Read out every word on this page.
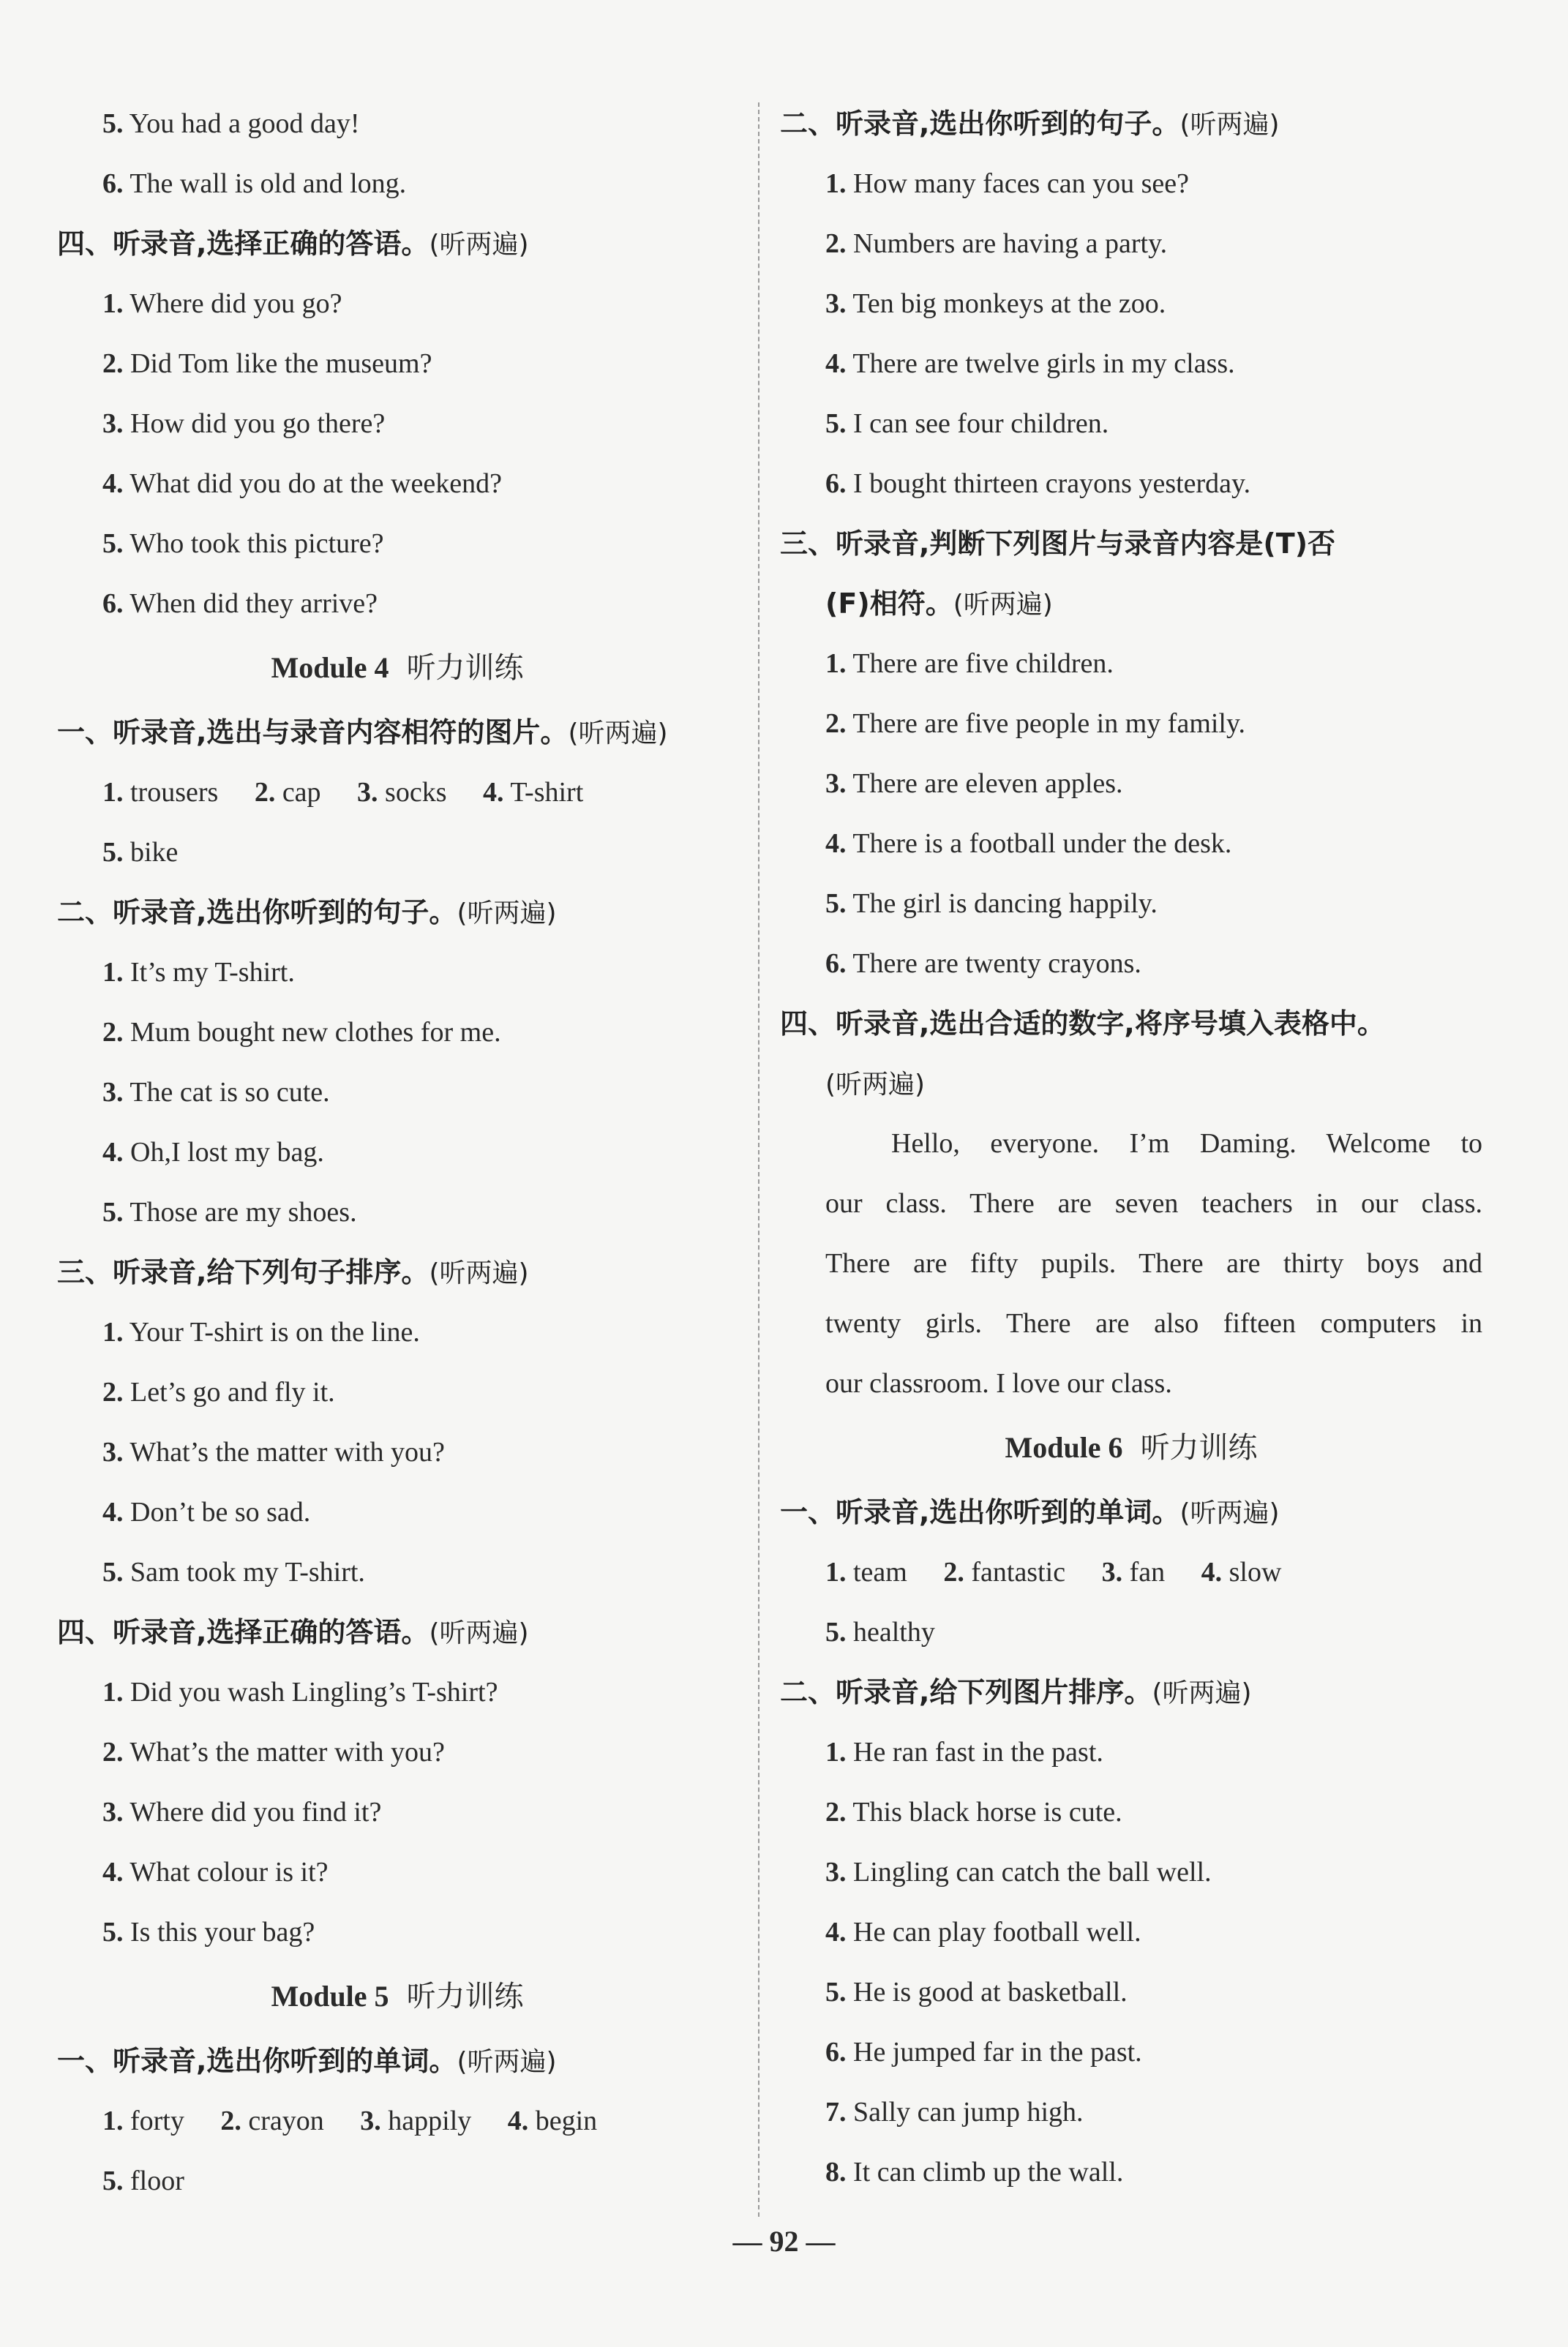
5. You had a good day!
6. The wall is old and long.
四、听录音,选择正确的答语。(听两遍)
1. Where did you go?
2. Did Tom like the museum?
3. How did you go there?
4. What did you do at the weekend?
5. Who took this picture?
6. When did they arrive?
Module 4 听力训练
一、听录音,选出与录音内容相符的图片。(听两遍)
1. trousers 2. cap 3. socks 4. T-shirt
5. bike
二、听录音,选出你听到的句子。(听两遍)
1. It’s my T-shirt.
2. Mum bought new clothes for me.
3. The cat is so cute.
4. Oh,I lost my bag.
5. Those are my shoes.
三、听录音,给下列句子排序。(听两遍)
1. Your T-shirt is on the line.
2. Let’s go and fly it.
3. What’s the matter with you?
4. Don’t be so sad.
5. Sam took my T-shirt.
四、听录音,选择正确的答语。(听两遍)
1. Did you wash Lingling’s T-shirt?
2. What’s the matter with you?
3. Where did you find it?
4. What colour is it?
5. Is this your bag?
Module 5 听力训练
一、听录音,选出你听到的单词。(听两遍)
1. forty 2. crayon 3. happily 4. begin
5. floor
二、听录音,选出你听到的句子。(听两遍)
1. How many faces can you see?
2. Numbers are having a party.
3. Ten big monkeys at the zoo.
4. There are twelve girls in my class.
5. I can see four children.
6. I bought thirteen crayons yesterday.
三、听录音,判断下列图片与录音内容是(T)否
(F)相符。(听两遍)
1. There are five children.
2. There are five people in my family.
3. There are eleven apples.
4. There is a football under the desk.
5. The girl is dancing happily.
6. There are twenty crayons.
四、听录音,选出合适的数字,将序号填入表格中。
(听两遍)
Hello, everyone. I’m Daming. Welcome to
our class. There are seven teachers in our class.
There are fifty pupils. There are thirty boys and
twenty girls. There are also fifteen computers in
our classroom. I love our class.
Module 6 听力训练
一、听录音,选出你听到的单词。(听两遍)
1. team 2. fantastic 3. fan 4. slow
5. healthy
二、听录音,给下列图片排序。(听两遍)
1. He ran fast in the past.
2. This black horse is cute.
3. Lingling can catch the ball well.
4. He can play football well.
5. He is good at basketball.
6. He jumped far in the past.
7. Sally can jump high.
8. It can climb up the wall.
— 92 —
